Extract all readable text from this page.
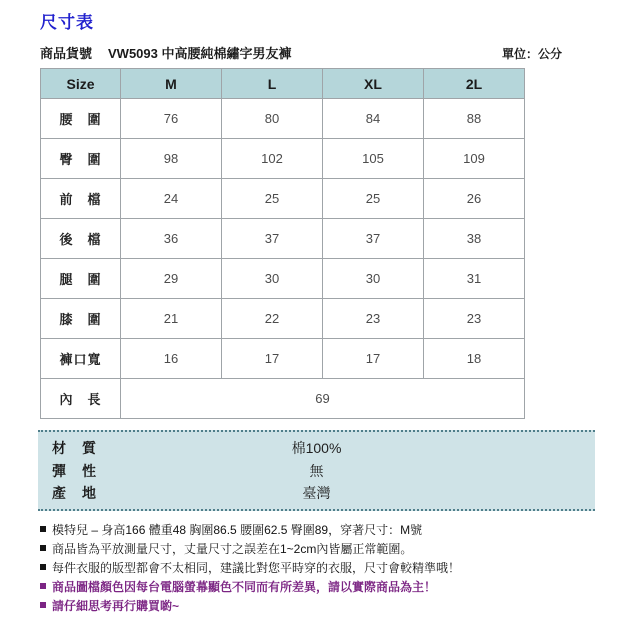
尺寸表
商品貨號 VW5093 中高腰純棉繡字男友褲	單位：公分
Size	M	L	XL	2L
腰　圍	76	80	84	88
臀　圍	98	102	105	109
前　檔	24	25	25	26
後　檔	36	37	37	38
腿　圍	29	30	30	31
膝　圍	21	22	23	23
褲口寬	16	17	17	18
內　長	69			
材　質	棉100%
彈　性	無
產　地	臺灣
模特兒 – 身高166 體重48 胸圍86.5 腰圍62.5 臀圍89，穿著尺寸：M號
商品皆為平放測量尺寸，丈量尺寸之誤差在1~2cm內皆屬正常範圍。
每件衣服的版型都會不太相同，建議比對您平時穿的衣服，尺寸會較精準哦！
商品圖檔顏色因每台電腦螢幕顯色不同而有所差異，請以實際商品為主！
請仔細思考再行購買喲~
